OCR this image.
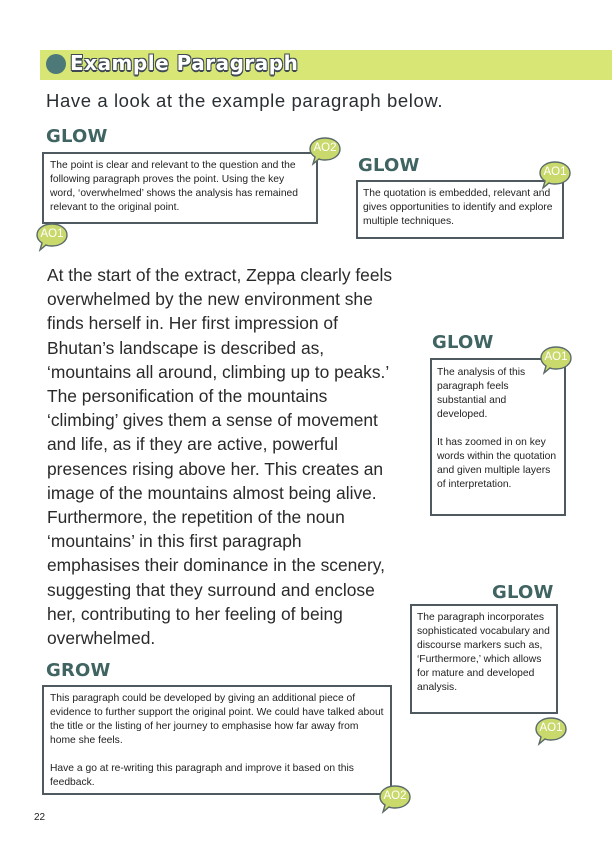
Example Paragraph
Have a look at the example paragraph below.
GLOW

The point is clear and relevant to the question and the following paragraph proves the point. Using the key word, ‘overwhelmed’ shows the analysis has remained relevant to the original point.

GLOW

The quotation is embedded, relevant and gives opportunities to identify and explore multiple techniques.

At the start of the extract, Zeppa clearly feels
overwhelmed by the new environment she
finds herself in. Her first impression of
Bhutan’s landscape is described as,
‘mountains all around, climbing up to peaks.’
The personification of the mountains
‘climbing’ gives them a sense of movement
and life, as if they are active, powerful
presences rising above her. This creates an
image of the mountains almost being alive.
Furthermore, the repetition of the noun
‘mountains’ in this first paragraph
emphasises their dominance in the scenery,
suggesting that they surround and enclose
her, contributing to her feeling of being
overwhelmed.
GLOW

The analysis of this paragraph feels substantial and developed.

It has zoomed in on key words within the quotation and given multiple layers of interpretation.

GLOW

The paragraph incorporates sophisticated vocabulary and discourse markers such as, ‘Furthermore,’ which allows for mature and developed analysis.

GROW

This paragraph could be developed by giving an additional piece of evidence to further support the original point. We could have talked about the title or the listing of her journey to emphasise how far away from home she feels.

Have a go at re-writing this paragraph and improve it based on this feedback.

AO2
AO1
AO1
AO1
AO1
AO2
22
